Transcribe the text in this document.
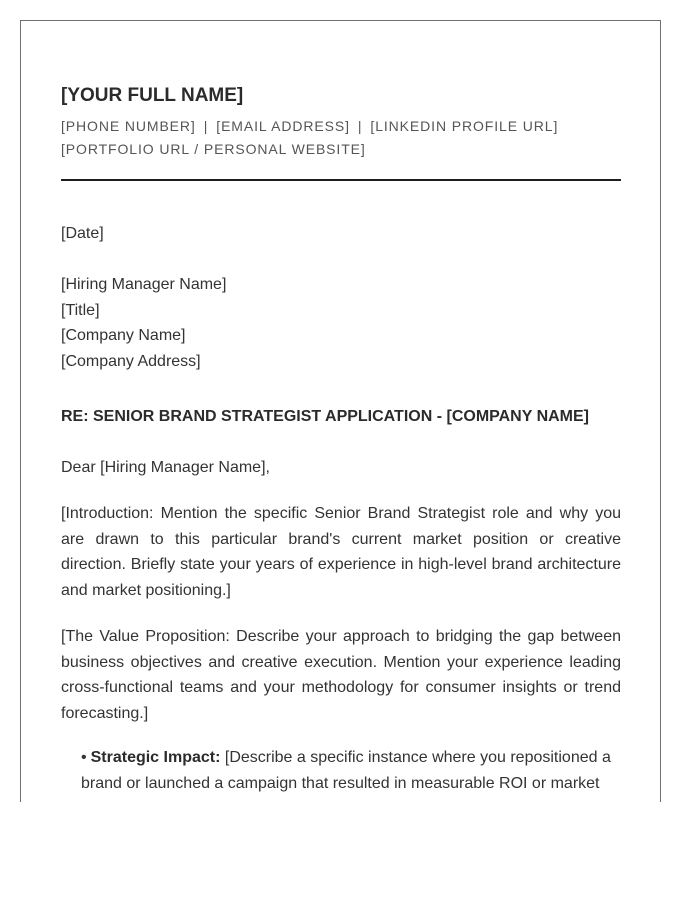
[YOUR FULL NAME]
[PHONE NUMBER] | [EMAIL ADDRESS] | [LINKEDIN PROFILE URL]
[PORTFOLIO URL / PERSONAL WEBSITE]
[Date]
[Hiring Manager Name]
[Title]
[Company Name]
[Company Address]
RE: SENIOR BRAND STRATEGIST APPLICATION - [COMPANY NAME]
Dear [Hiring Manager Name],

[Introduction: Mention the specific Senior Brand Strategist role and why you are drawn to this particular brand's current market position or creative direction. Briefly state your years of experience in high-level brand architecture and market positioning.]

[The Value Proposition: Describe your approach to bridging the gap between business objectives and creative execution. Mention your experience leading cross-functional teams and your methodology for consumer insights or trend forecasting.]

• Strategic Impact: [Describe a specific instance where you repositioned a brand or launched a campaign that resulted in measurable ROI or market
